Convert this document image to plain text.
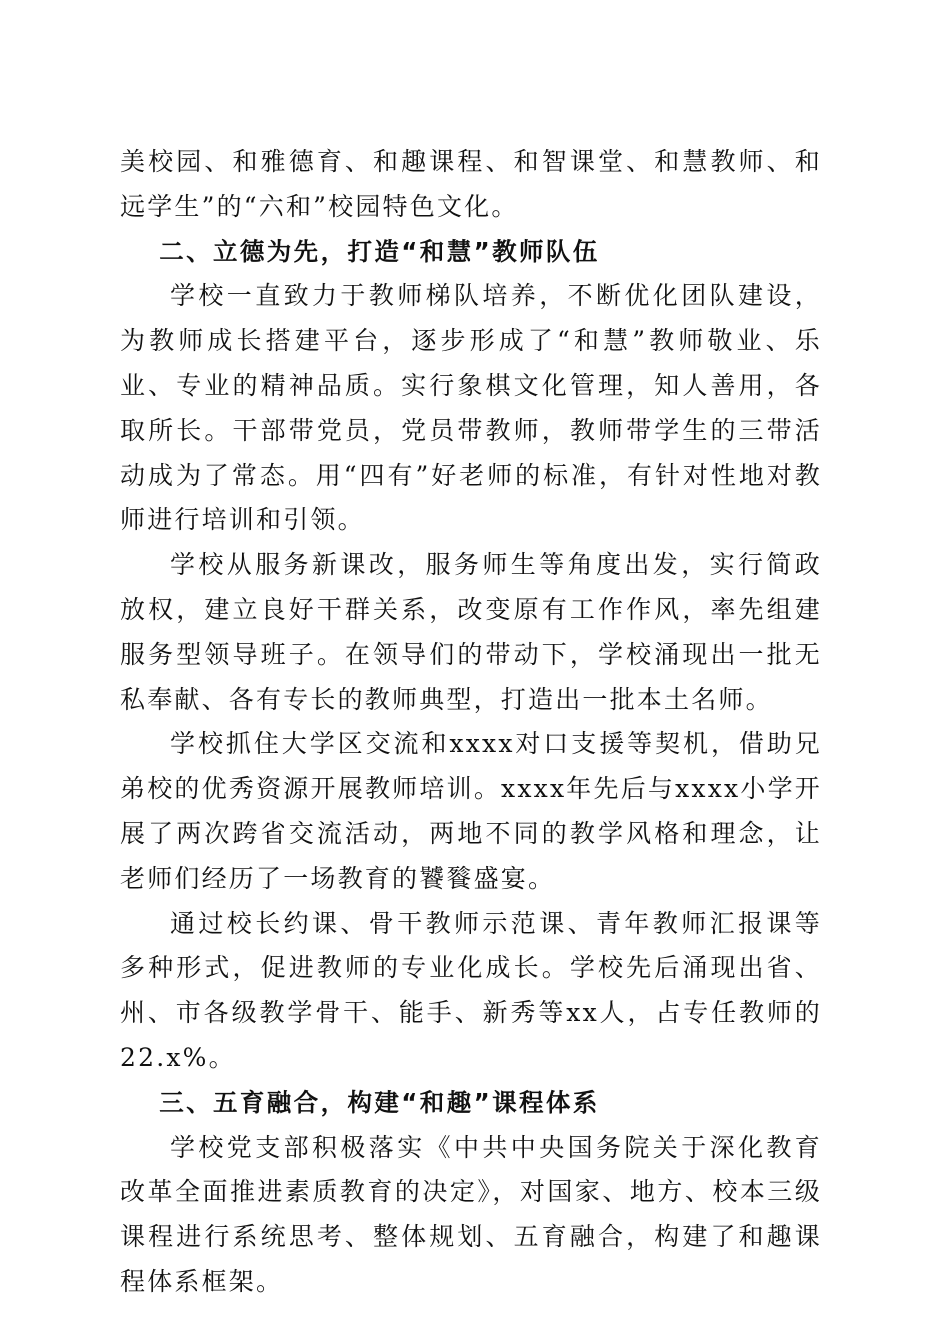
美校园、和雅德育、和趣课程、和智课堂、和慧教师、和远学生”的“六和”校园特色文化。

二、立德为先，打造“和慧”教师队伍

学校一直致力于教师梯队培养，不断优化团队建设，为教师成长搭建平台，逐步形成了“和慧”教师敬业、乐业、专业的精神品质。实行象棋文化管理，知人善用，各取所长。干部带党员，党员带教师，教师带学生的三带活动成为了常态。用“四有”好老师的标准，有针对性地对教师进行培训和引领。

学校从服务新课改，服务师生等角度出发，实行简政放权，建立良好干群关系，改变原有工作作风，率先组建服务型领导班子。在领导们的带动下，学校涌现出一批无私奉献、各有专长的教师典型，打造出一批本土名师。

学校抓住大学区交流和xxxx对口支援等契机，借助兄弟校的优秀资源开展教师培训。xxxx年先后与xxxx小学开展了两次跨省交流活动，两地不同的教学风格和理念，让老师们经历了一场教育的饕餮盛宴。

通过校长约课、骨干教师示范课、青年教师汇报课等多种形式，促进教师的专业化成长。学校先后涌现出省、州、市各级教学骨干、能手、新秀等xx人，占专任教师的22.x%。

三、五育融合，构建“和趣”课程体系

学校党支部积极落实《中共中央国务院关于深化教育改革全面推进素质教育的决定》，对国家、地方、校本三级课程进行系统思考、整体规划、五育融合，构建了和趣课程体系框架。
